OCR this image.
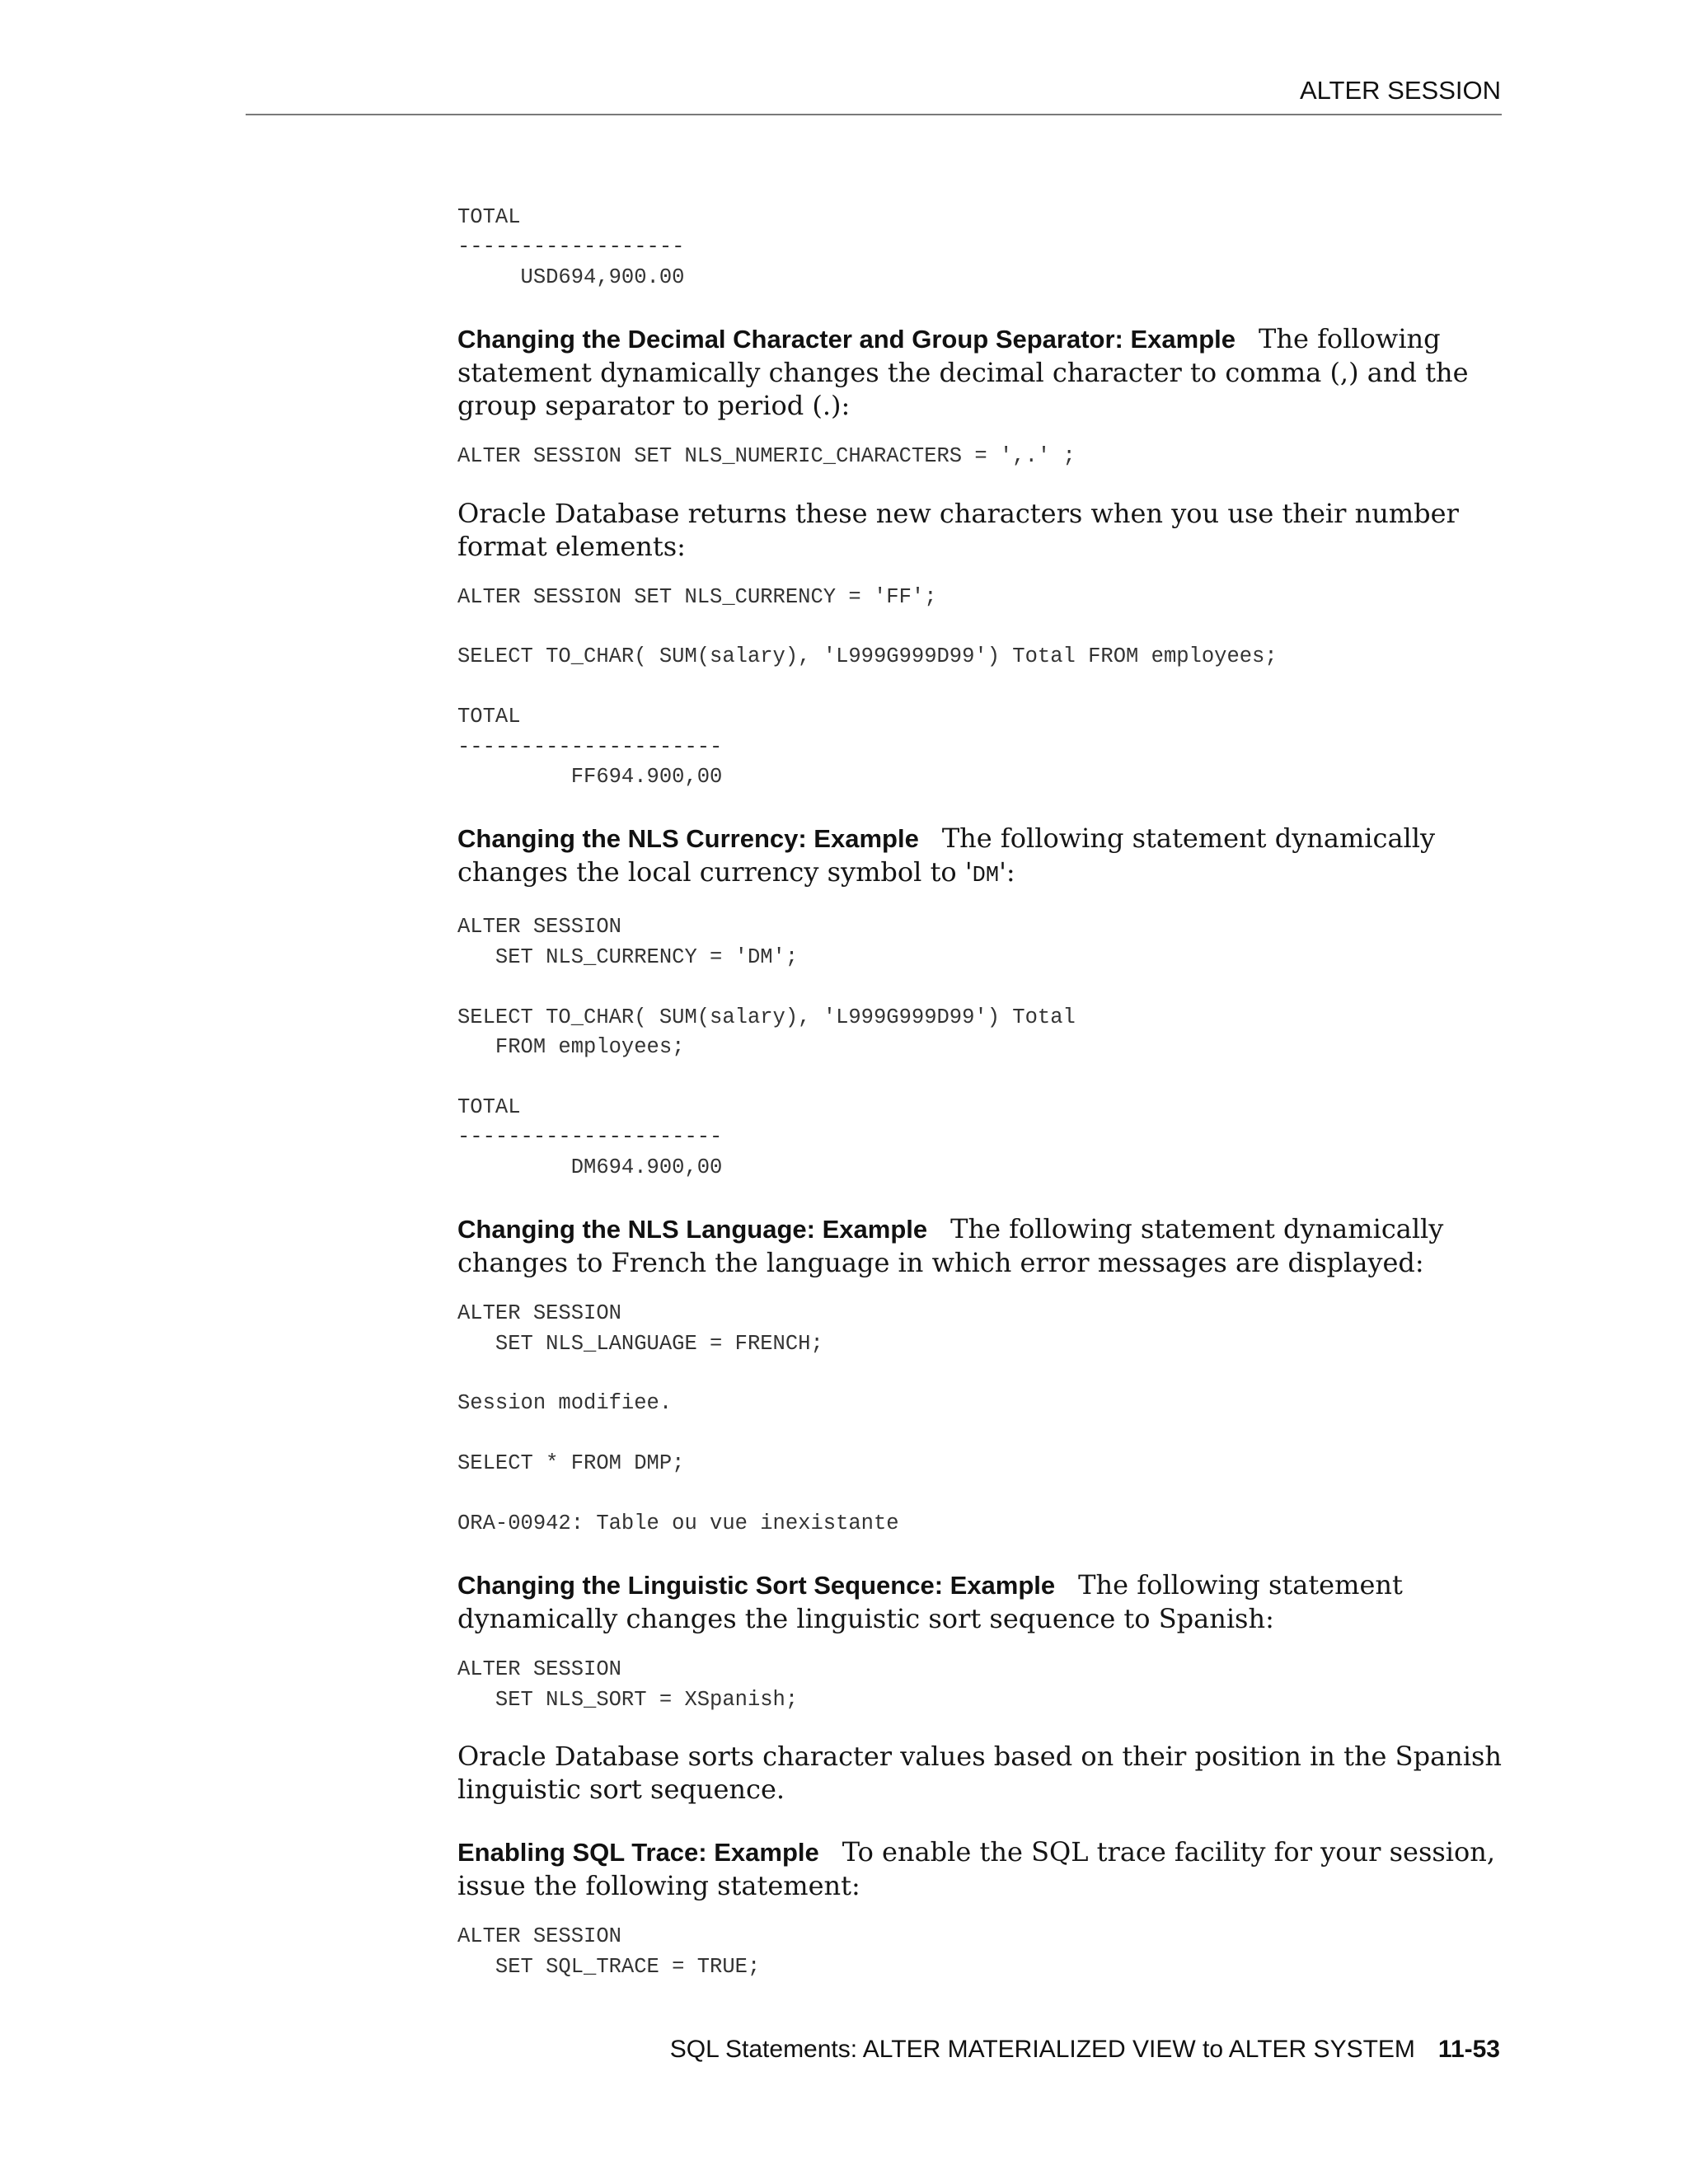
ALTER SESSION
TOTAL
------------------
USD694,900.00

Changing the Decimal Character and Group Separator: Example The following statement dynamically changes the decimal character to comma (,) and the group separator to period (.):

ALTER SESSION SET NLS_NUMERIC_CHARACTERS = ',.' ;

Oracle Database returns these new characters when you use their number format elements:

ALTER SESSION SET NLS_CURRENCY = 'FF';

SELECT TO_CHAR( SUM(salary), 'L999G999D99') Total FROM employees;

TOTAL
---------------------
FF694.900,00

Changing the NLS Currency: Example The following statement dynamically changes the local currency symbol to 'DM':

ALTER SESSION
SET NLS_CURRENCY = 'DM';

SELECT TO_CHAR( SUM(salary), 'L999G999D99') Total
FROM employees;

TOTAL
---------------------
DM694.900,00

Changing the NLS Language: Example The following statement dynamically changes to French the language in which error messages are displayed:

ALTER SESSION
SET NLS_LANGUAGE = FRENCH;

Session modifiee.

SELECT * FROM DMP;

ORA-00942: Table ou vue inexistante

Changing the Linguistic Sort Sequence: Example The following statement dynamically changes the linguistic sort sequence to Spanish:

ALTER SESSION
SET NLS_SORT = XSpanish;

Oracle Database sorts character values based on their position in the Spanish linguistic sort sequence.

Enabling SQL Trace: Example To enable the SQL trace facility for your session, issue the following statement:

ALTER SESSION
SET SQL_TRACE = TRUE;
SQL Statements: ALTER MATERIALIZED VIEW to ALTER SYSTEM 11-53
